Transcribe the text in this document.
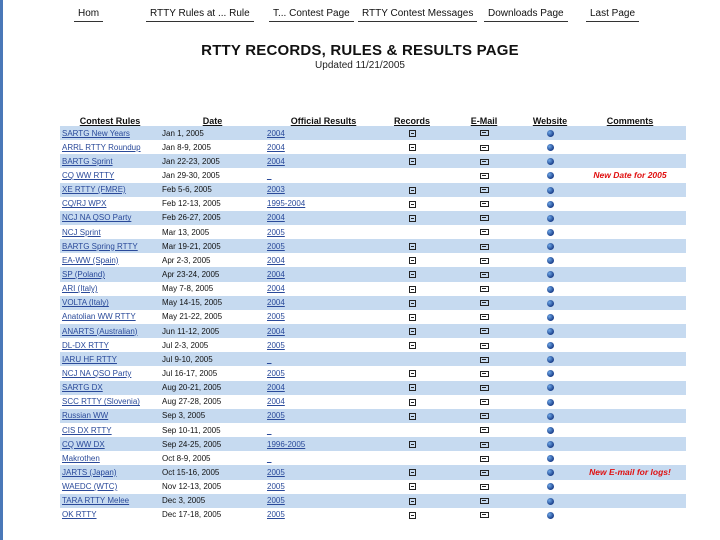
Hom	RTTY Rules at ... Rule T... Contest Page RTTY Contest Messages Downloads Page	Last Page
RTTY RECORDS, RULES & RESULTS PAGE
Updated 11/21/2005
Contest Rules	Date	Official Results	Records	E-Mail	Website	Comments
SARTG New Years	Jan 1, 2005	2004				
ARRL RTTY Roundup	Jan 8-9, 2005	2004				
BARTG Sprint	Jan 22-23, 2005	2004				
CQ WW RTTY	Jan 29-30, 2005	_				New Date for 2005
XE RTTY (FMRE)	Feb 5-6, 2005	2003				
CQ/RJ WPX	Feb 12-13, 2005	1995-2004				
NCJ NA QSO Party	Feb 26-27, 2005	2004				
NCJ Sprint	Mar 13, 2005	2005				
BARTG Spring RTTY	Mar 19-21, 2005	2005				
EA-WW (Spain)	Apr 2-3, 2005	2004				
SP (Poland)	Apr 23-24, 2005	2004				
ARI (Italy)	May 7-8, 2005	2004				
VOLTA (Italy)	May 14-15, 2005	2004				
Anatolian WW RTTY	May 21-22, 2005	2005				
ANARTS (Australian)	Jun 11-12, 2005	2004				
DL-DX RTTY	Jul 2-3, 2005	2005				
IARU HF RTTY	Jul 9-10, 2005	_				
NCJ NA QSO Party	Jul 16-17, 2005	2005				
SARTG DX	Aug 20-21, 2005	2004				
SCC RTTY (Slovenia)	Aug 27-28, 2005	2004				
Russian WW	Sep 3, 2005	2005				
CIS DX RTTY	Sep 10-11, 2005	_				
CQ WW DX	Sep 24-25, 2005	1996-2005				
Makrothen	Oct 8-9, 2005	_				
JARTS (Japan)	Oct 15-16, 2005	2005				New E-mail for logs!
WAEDC (WTC)	Nov 12-13, 2005	2005				
TARA RTTY Melee	Dec 3, 2005	2005				
OK RTTY	Dec 17-18, 2005	2005				
